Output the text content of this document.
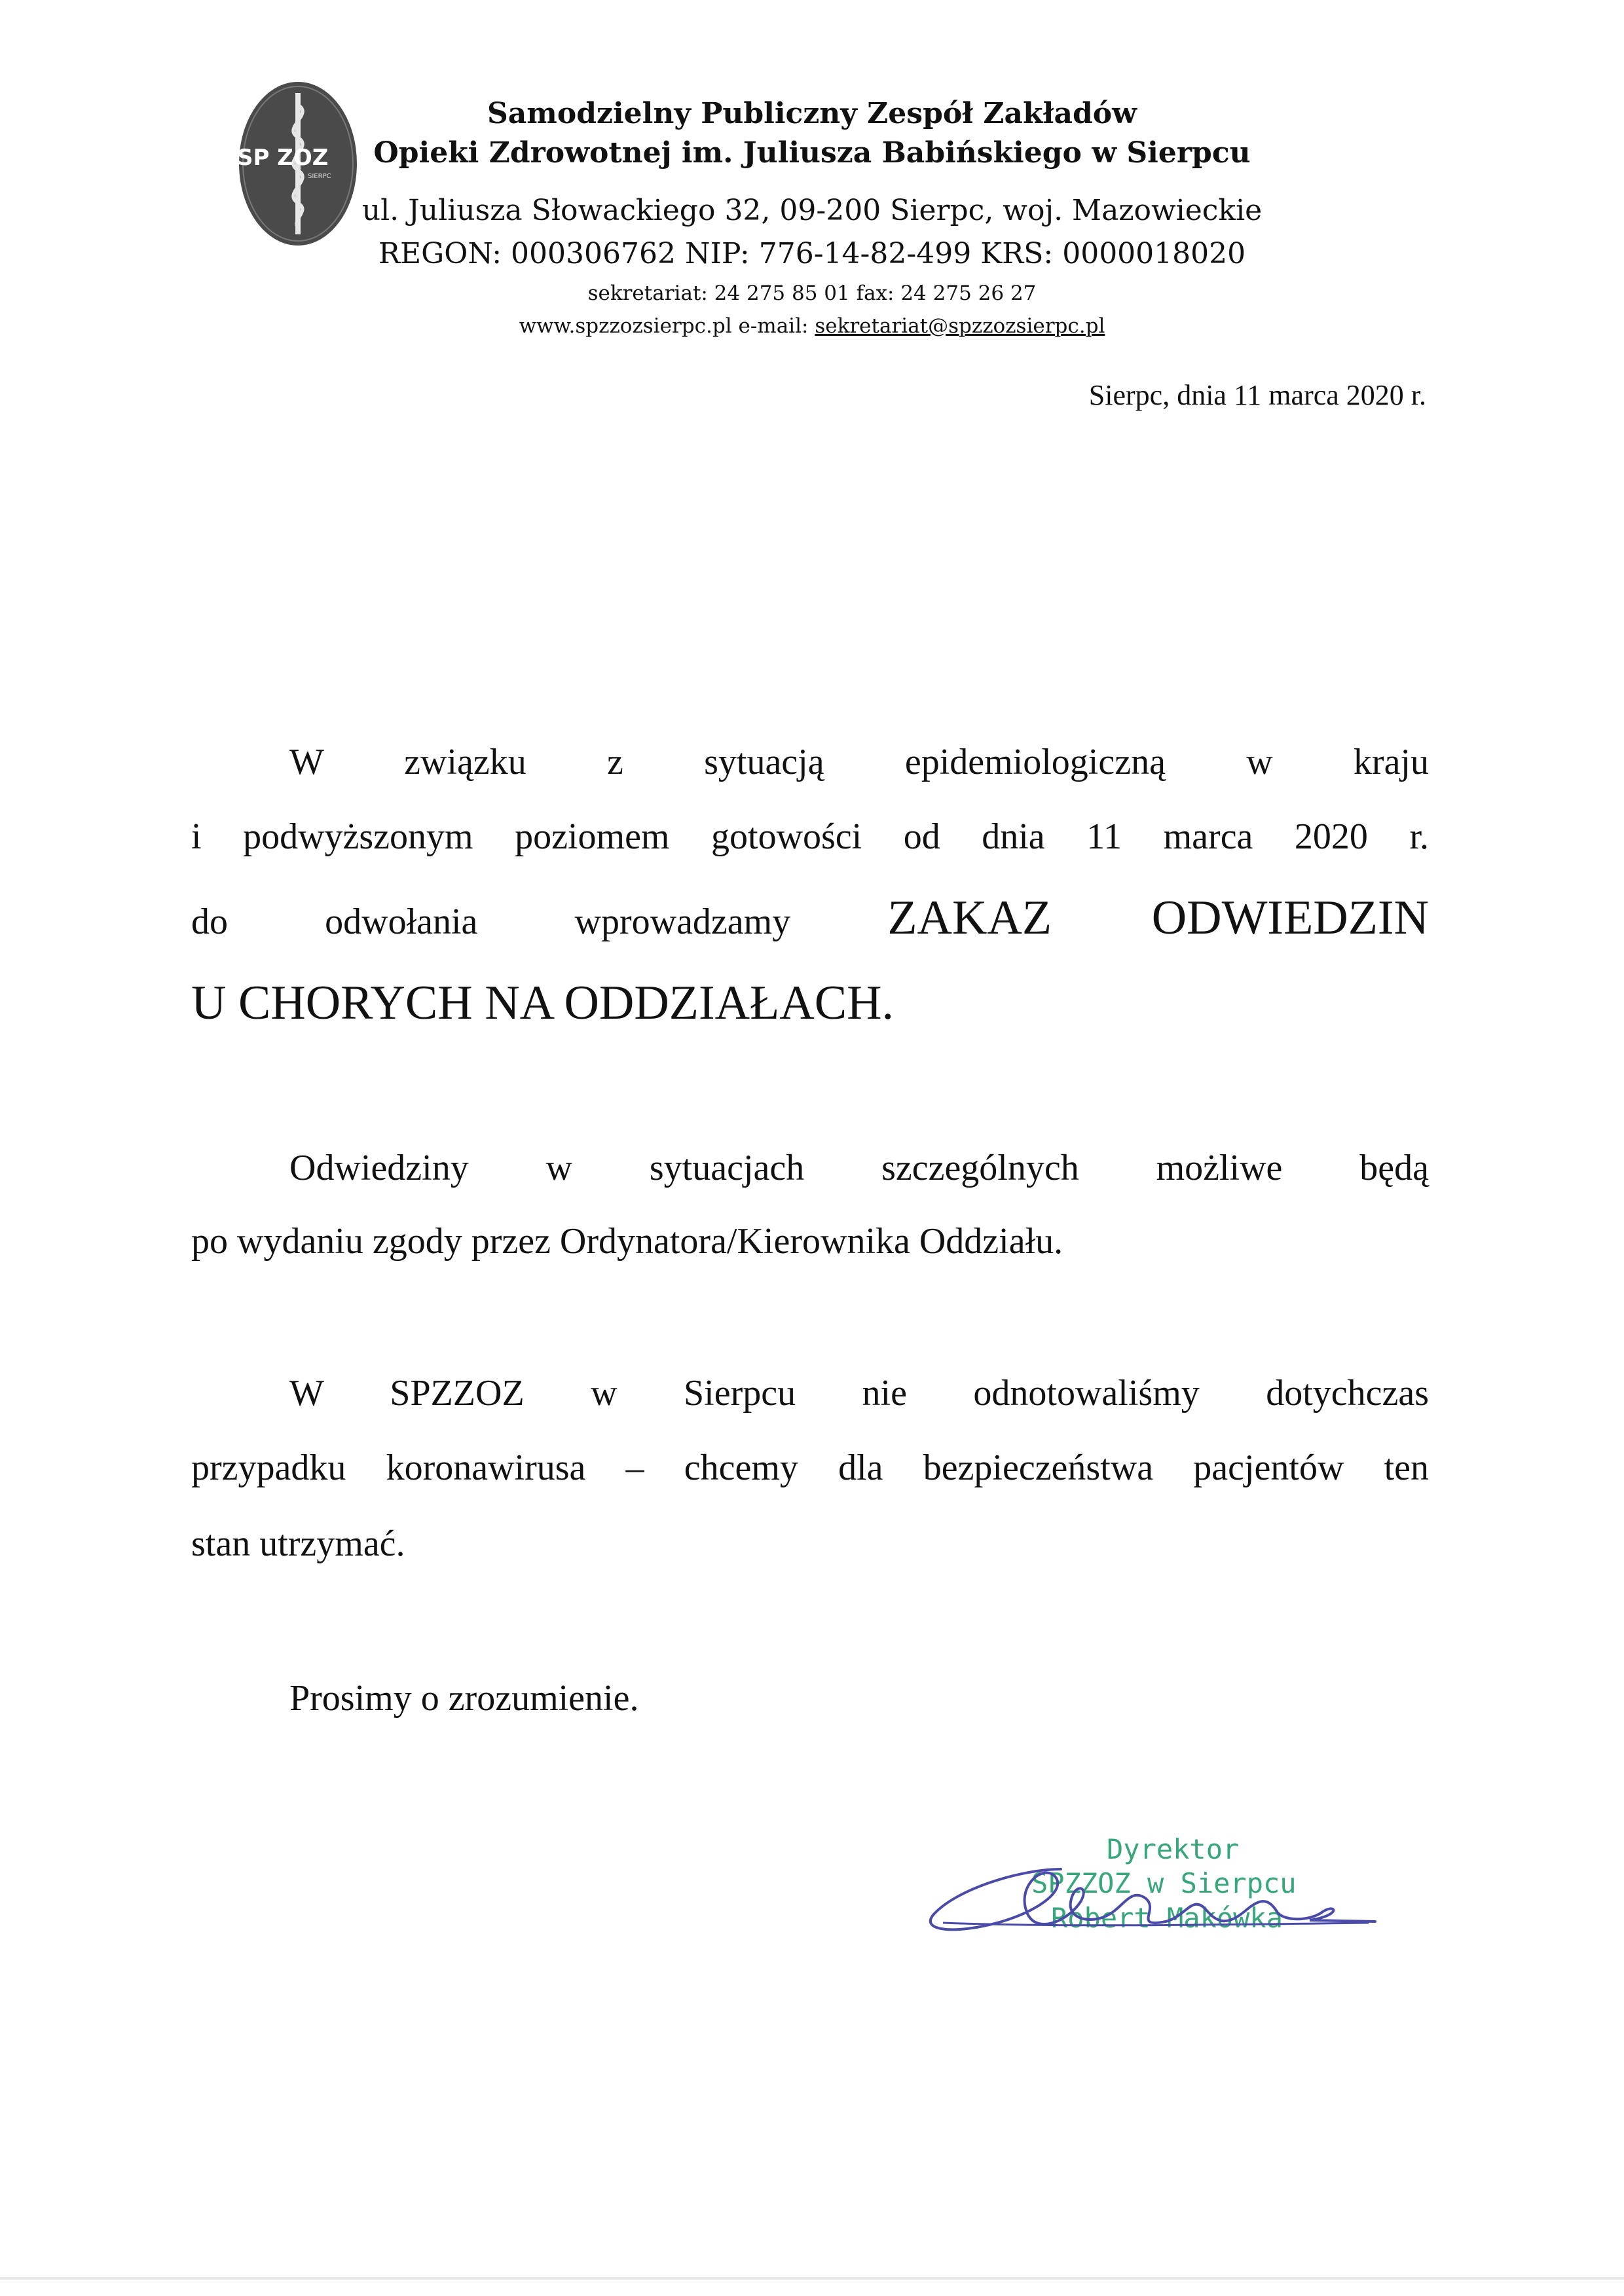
SP ZOZ
SIERPC
Samodzielny Publiczny Zespół Zakładów
Opieki Zdrowotnej im. Juliusza Babińskiego w Sierpcu
ul. Juliusza Słowackiego 32, 09-200 Sierpc, woj. Mazowieckie
REGON: 000306762 NIP: 776-14-82-499 KRS: 0000018020
sekretariat: 24 275 85 01 fax: 24 275 26 27
www.spzzozsierpc.pl e-mail: sekretariat@spzzozsierpc.pl
Sierpc, dnia 11 marca 2020 r.
W związku z sytuacją epidemiologiczną w kraju
i podwyższonym poziomem gotowości od dnia 11 marca 2020 r.
do odwołania wprowadzamy ZAKAZ ODWIEDZIN
U CHORYCH NA ODDZIAŁACH.
Odwiedziny w sytuacjach szczególnych możliwe będą
po wydaniu zgody przez Ordynatora/Kierownika Oddziału.
W SPZZOZ w Sierpcu nie odnotowaliśmy dotychczas
przypadku koronawirusa – chcemy dla bezpieczeństwa pacjentów ten
stan utrzymać.
Prosimy o zrozumienie.
Dyrektor
SPZZOZ w Sierpcu
Robert Makówka
